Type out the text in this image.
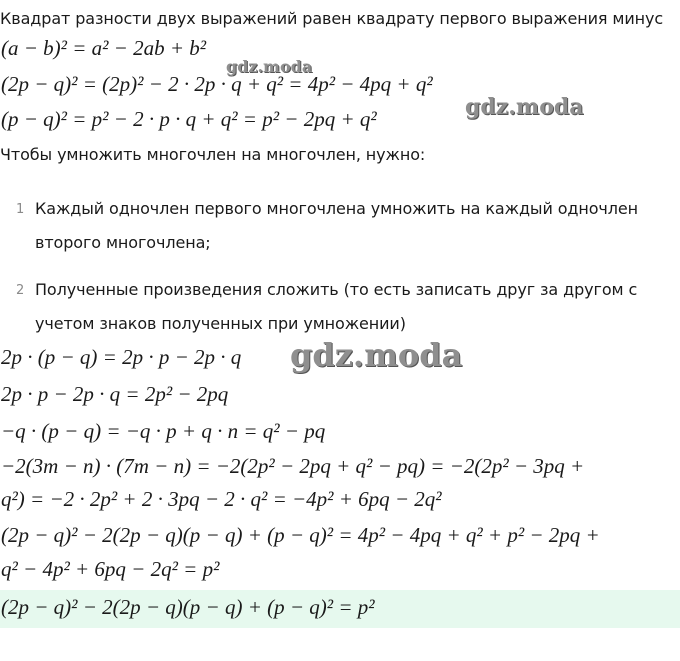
Квадрат разности двух выражений равен квадрату первого выражения минус
(a − b)² = a² − 2ab + b²
(2p − q)² = (2p)² − 2 · 2p · q + q² = 4p² − 4pq + q²
(p − q)² = p² − 2 · p · q + q² = p² − 2pq + q²
gdz.moda
gdz.moda
Чтобы умножить многочлен на многочлен, нужно:
1 Каждый одночлен первого многочлена умножить на каждый одночлен
второго многочлена;
2 Полученные произведения сложить (то есть записать друг за другом с
учетом знаков полученных при умножении)
2p · (p − q) = 2p · p − 2p · q gdz.moda
2p · p − 2p · q = 2p² − 2pq
−q · (p − q) = −q · p + q · n = q² − pq
−2(3m − n) · (7m − n) = −2(2p² − 2pq + q² − pq) = −2(2p² − 3pq +
q²) = −2 · 2p² + 2 · 3pq − 2 · q² = −4p² + 6pq − 2q²
(2p − q)² − 2(2p − q)(p − q) + (p − q)² = 4p² − 4pq + q² + p² − 2pq +
q² − 4p² + 6pq − 2q² = p²
(2p − q)² − 2(2p − q)(p − q) + (p − q)² = p²
